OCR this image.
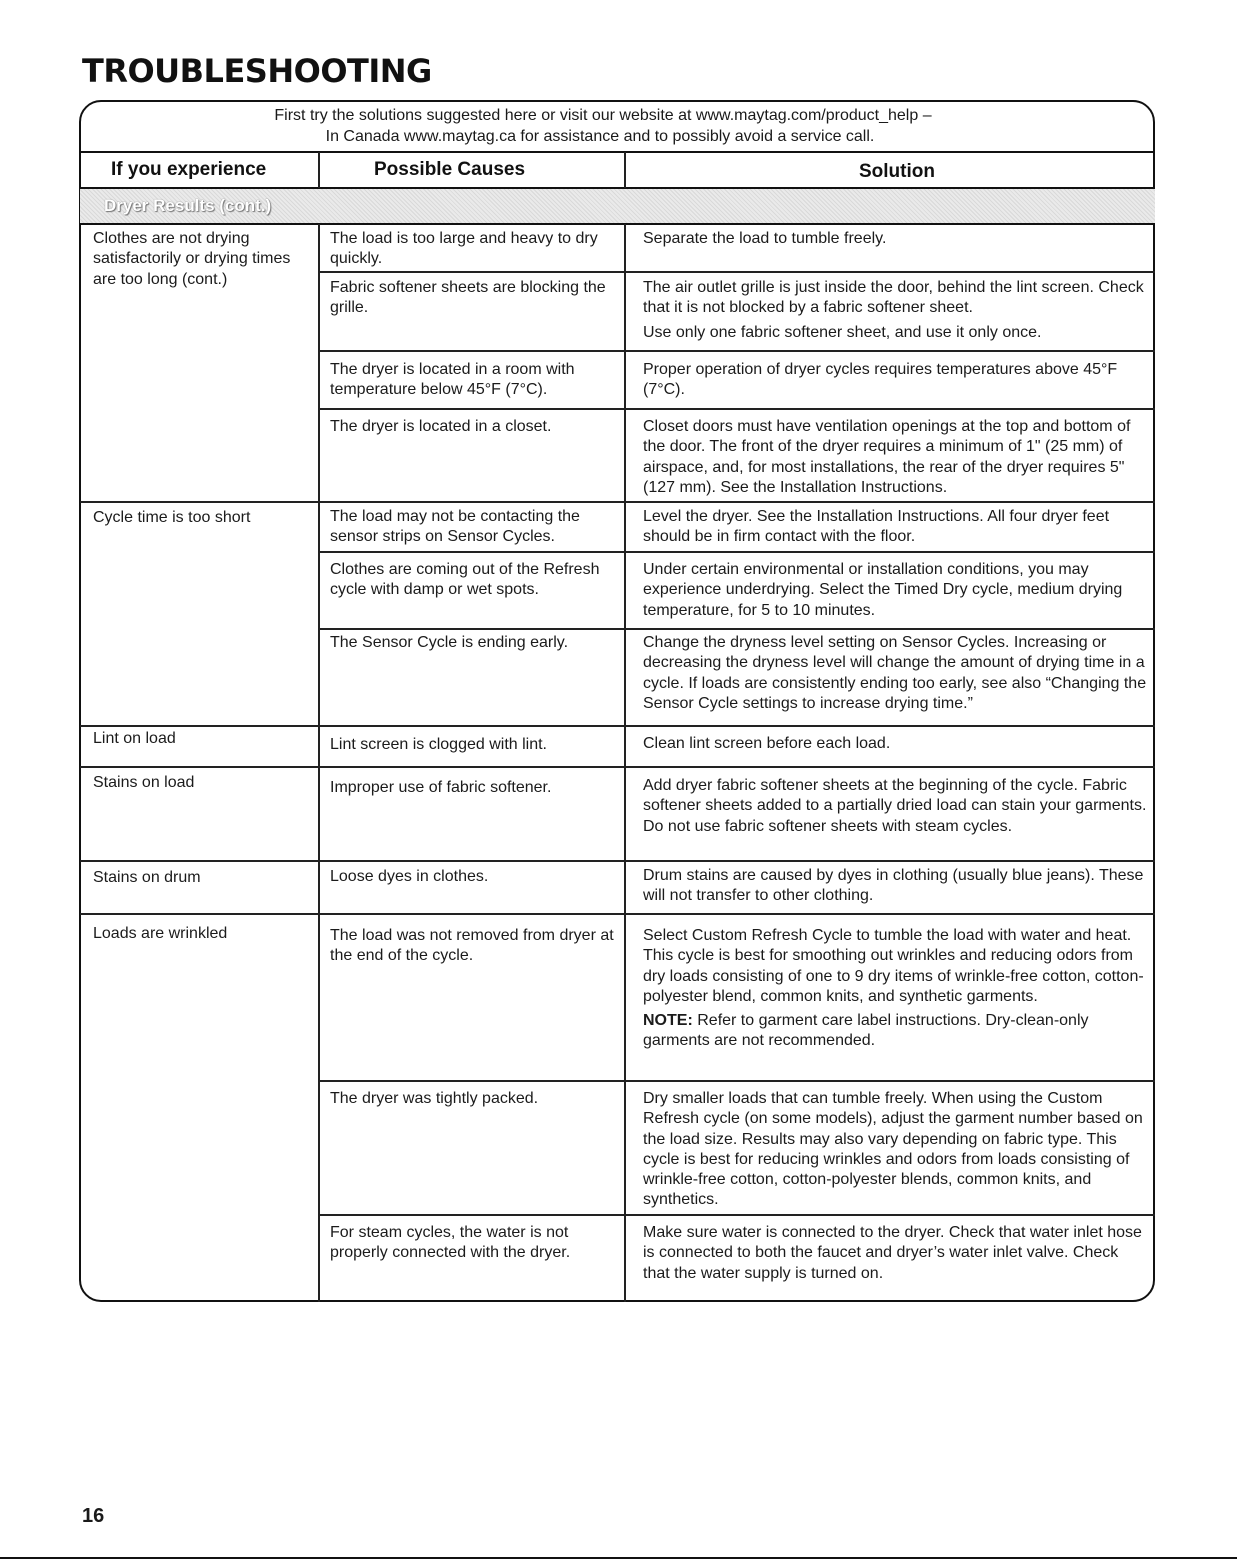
TROUBLESHOOTING
First try the solutions suggested here or visit our website at www.maytag.com/product_help –
In Canada www.maytag.ca for assistance and to possibly avoid a service call.
If you experience	Possible Causes	Solution
Dryer Results (cont.)
Clothes are not drying satisfactorily or drying times are too long (cont.)
Cycle time is too short
Lint on load
Stains on load
Stains on drum
Loads are wrinkled
The load is too large and heavy to dry quickly.
Fabric softener sheets are blocking the grille.
The dryer is located in a room with temperature below 45°F (7°C).
The dryer is located in a closet.
The load may not be contacting the sensor strips on Sensor Cycles.
Clothes are coming out of the Refresh cycle with damp or wet spots.
The Sensor Cycle is ending early.
Lint screen is clogged with lint.
Improper use of fabric softener.
Loose dyes in clothes.
The load was not removed from dryer at the end of the cycle.
The dryer was tightly packed.
For steam cycles, the water is not properly connected with the dryer.

Separate the load to tumble freely.

The air outlet grille is just inside the door, behind the lint screen. Check that it is not blocked by a fabric softener sheet.

Use only one fabric softener sheet, and use it only once.

Proper operation of dryer cycles requires temperatures above 45°F (7°C).

Closet doors must have ventilation openings at the top and bottom of the door. The front of the dryer requires a minimum of 1" (25 mm) of airspace, and, for most installations, the rear of the dryer requires 5" (127 mm). See the Installation Instructions.

Level the dryer. See the Installation Instructions. All four dryer feet should be in firm contact with the floor.

Under certain environmental or installation conditions, you may experience underdrying. Select the Timed Dry cycle, medium drying temperature, for 5 to 10 minutes.

Change the dryness level setting on Sensor Cycles. Increasing or decreasing the dryness level will change the amount of drying time in a cycle. If loads are consistently ending too early, see also “Changing the Sensor Cycle settings to increase drying time.”

Clean lint screen before each load.

Add dryer fabric softener sheets at the beginning of the cycle. Fabric softener sheets added to a partially dried load can stain your garments. Do not use fabric softener sheets with steam cycles.

Drum stains are caused by dyes in clothing (usually blue jeans). These will not transfer to other clothing.

Select Custom Refresh Cycle to tumble the load with water and heat. This cycle is best for smoothing out wrinkles and reducing odors from dry loads consisting of one to 9 dry items of wrinkle-free cotton, cotton-polyester blend, common knits, and synthetic garments.

NOTE: Refer to garment care label instructions. Dry-clean-only garments are not recommended.

Dry smaller loads that can tumble freely. When using the Custom Refresh cycle (on some models), adjust the garment number based on the load size. Results may also vary depending on fabric type. This cycle is best for reducing wrinkles and odors from loads consisting of wrinkle-free cotton, cotton-polyester blends, common knits, and synthetics.

Make sure water is connected to the dryer. Check that water inlet hose is connected to both the faucet and dryer’s water inlet valve. Check that the water supply is turned on.

16
